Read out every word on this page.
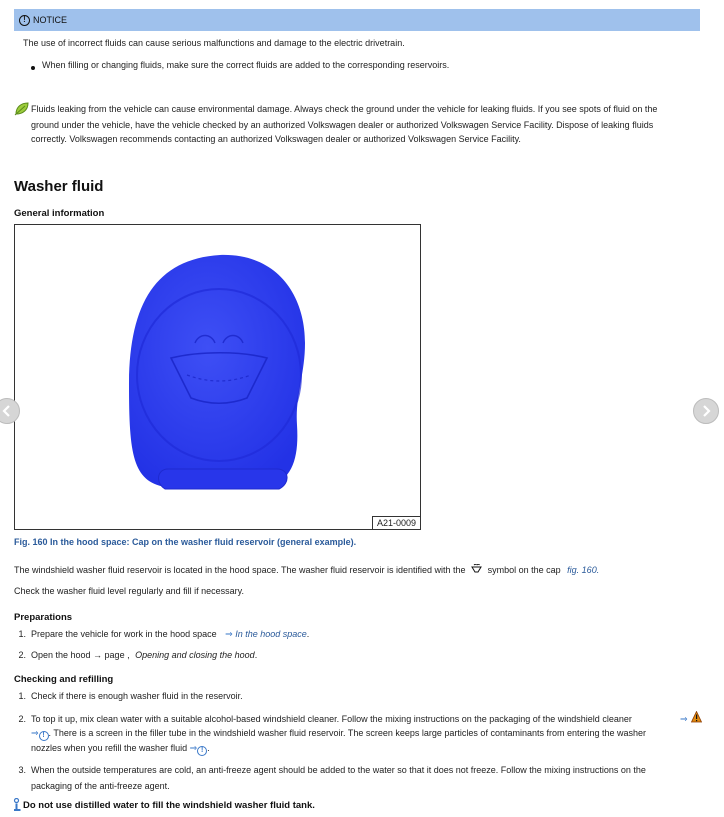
! NOTICE
The use of incorrect fluids can cause serious malfunctions and damage to the electric drivetrain.
When filling or changing fluids, make sure the correct fluids are added to the corresponding reservoirs.
Fluids leaking from the vehicle can cause environmental damage. Always check the ground under the vehicle for leaking fluids. If you see spots of fluid on the
ground under the vehicle, have the vehicle checked by an authorized Volkswagen dealer or authorized Volkswagen Service Facility. Dispose of leaking fluids
correctly. Volkswagen recommends contacting an authorized Volkswagen dealer or authorized Volkswagen Service Facility.
Washer fluid
General information
A21-0009
Fig. 160 In the hood space: Cap on the washer fluid reservoir (general example).
The windshield washer fluid reservoir is located in the hood space. The washer fluid reservoir is identified with the symbol on the cap fig. 160.
Check the washer fluid level regularly and fill if necessary.
Preparations
1. Prepare the vehicle for work in the hood space ⇒ In the hood space.
2. Open the hood → page , Opening and closing the hood.
Checking and refilling
1. Check if there is enough washer fluid in the reservoir.
2. To top it up, mix clean water with a suitable alcohol-based windshield cleaner. Follow the mixing instructions on the packaging of the windshield cleaner	⇒
⇒ ! . There is a screen in the filler tube in the windshield washer fluid reservoir. The screen keeps large particles of contaminants from entering the washer
nozzles when you refill the washer fluid ⇒ ! .
3. When the outside temperatures are cold, an anti-freeze agent should be added to the water so that it does not freeze. Follow the mixing instructions on the
packaging of the anti-freeze agent.
Do not use distilled water to fill the windshield washer fluid tank.
